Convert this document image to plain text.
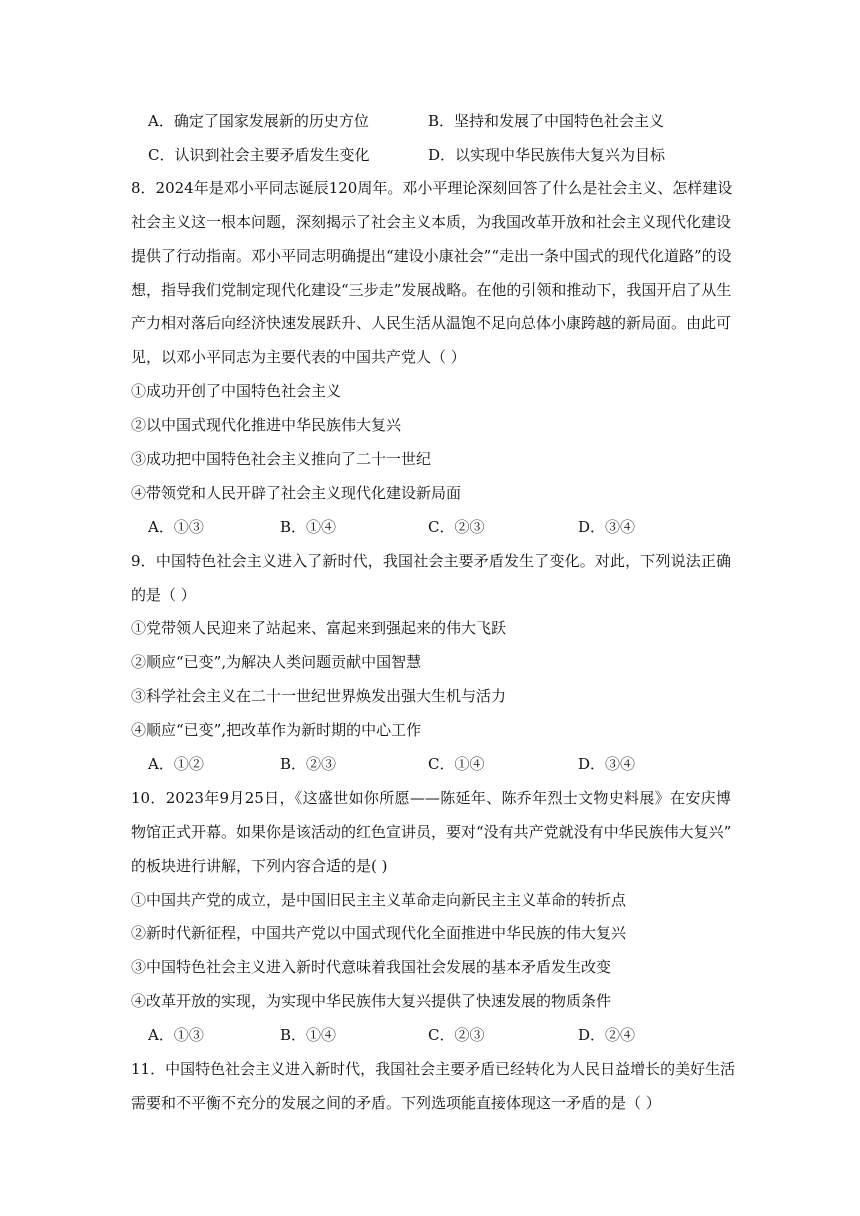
A．确定了国家发展新的历史方位	B．坚持和发展了中国特色社会主义
C．认识到社会主要矛盾发生变化	D．以实现中华民族伟大复兴为目标
8．2024年是邓小平同志诞辰120周年。邓小平理论深刻回答了什么是社会主义、怎样建设
社会主义这一根本问题，深刻揭示了社会主义本质，为我国改革开放和社会主义现代化建设
提供了行动指南。邓小平同志明确提出“建设小康社会”“走出一条中国式的现代化道路”的设
想，指导我们党制定现代化建设“三步走”发展战略。在他的引领和推动下，我国开启了从生
产力相对落后向经济快速发展跃升、人民生活从温饱不足向总体小康跨越的新局面。由此可
见，以邓小平同志为主要代表的中国共产党人（ ）
①成功开创了中国特色社会主义
②以中国式现代化推进中华民族伟大复兴
③成功把中国特色社会主义推向了二十一世纪
④带领党和人民开辟了社会主义现代化建设新局面
A．①③	B．①④	C．②③	D．③④
9．中国特色社会主义进入了新时代，我国社会主要矛盾发生了变化。对此，下列说法正确
的是（ ）
①党带领人民迎来了站起来、富起来到强起来的伟大飞跃
②顺应“已变”,为解决人类问题贡献中国智慧
③科学社会主义在二十一世纪世界焕发出强大生机与活力
④顺应“已变”,把改革作为新时期的中心工作
A．①②	B．②③	C．①④	D．③④
10．2023年9月25日，《这盛世如你所愿——陈延年、陈乔年烈士文物史料展》在安庆博
物馆正式开幕。如果你是该活动的红色宣讲员，要对“没有共产党就没有中华民族伟大复兴”
的板块进行讲解，下列内容合适的是( )
①中国共产党的成立，是中国旧民主主义革命走向新民主主义革命的转折点
②新时代新征程，中国共产党以中国式现代化全面推进中华民族的伟大复兴
③中国特色社会主义进入新时代意味着我国社会发展的基本矛盾发生改变
④改革开放的实现，为实现中华民族伟大复兴提供了快速发展的物质条件
A．①③	B．①④	C．②③	D．②④
11．中国特色社会主义进入新时代，我国社会主要矛盾已经转化为人民日益增长的美好生活
需要和不平衡不充分的发展之间的矛盾。下列选项能直接体现这一矛盾的是（ ）
